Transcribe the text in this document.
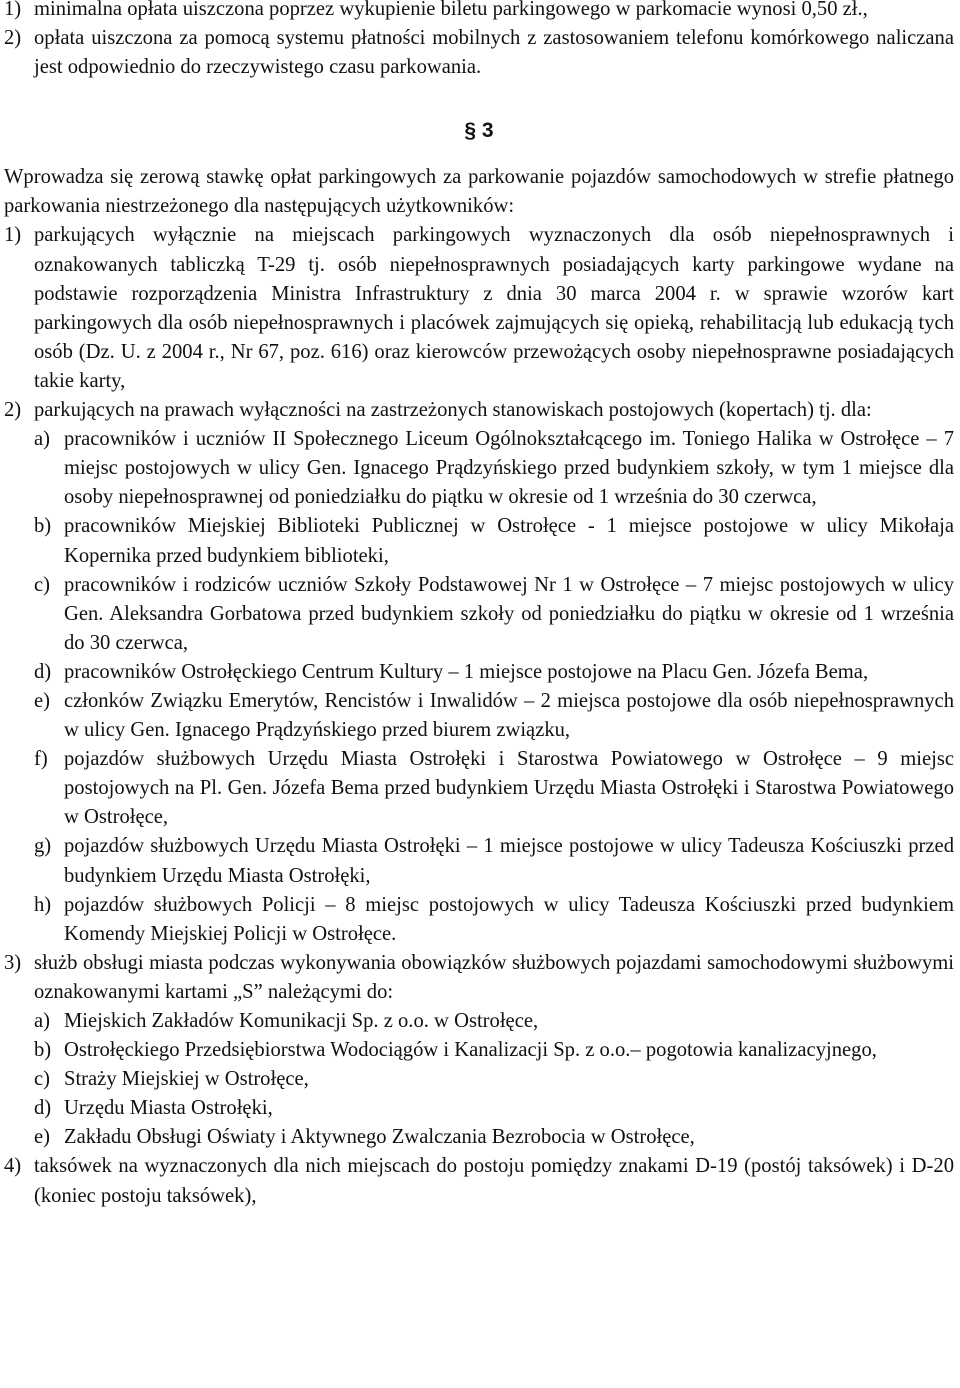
1) minimalna opłata uiszczona poprzez wykupienie biletu parkingowego w parkomacie wynosi 0,50 zł.,
2) opłata uiszczona za pomocą systemu płatności mobilnych z zastosowaniem telefonu komórkowego naliczana jest odpowiednio do rzeczywistego czasu parkowania.
§ 3
Wprowadza się zerową stawkę opłat parkingowych za parkowanie pojazdów samochodowych w strefie płatnego parkowania niestrzeżonego dla następujących użytkowników:
1) parkujących wyłącznie na miejscach parkingowych wyznaczonych dla osób niepełnosprawnych i oznakowanych tabliczką T-29 tj. osób niepełnosprawnych posiadających karty parkingowe wydane na podstawie rozporządzenia Ministra Infrastruktury z dnia 30 marca 2004 r. w sprawie wzorów kart parkingowych dla osób niepełnosprawnych i placówek zajmujących się opieką, rehabilitacją lub edukacją tych osób (Dz. U. z 2004 r., Nr 67, poz. 616) oraz kierowców przewożących osoby niepełnosprawne posiadających takie karty,
2) parkujących na prawach wyłączności na zastrzeżonych stanowiskach postojowych (kopertach) tj. dla:
a) pracowników i uczniów II Społecznego Liceum Ogólnokształcącego im. Toniego Halika w Ostrołęce – 7 miejsc postojowych w ulicy Gen. Ignacego Prądzyńskiego przed budynkiem szkoły, w tym 1 miejsce dla osoby niepełnosprawnej od poniedziałku do piątku w okresie od 1 września do 30 czerwca,
b) pracowników Miejskiej Biblioteki Publicznej w Ostrołęce - 1 miejsce postojowe w ulicy Mikołaja Kopernika przed budynkiem biblioteki,
c) pracowników i rodziców uczniów Szkoły Podstawowej Nr 1 w Ostrołęce – 7 miejsc postojowych w ulicy Gen. Aleksandra Gorbatowa przed budynkiem szkoły od poniedziałku do piątku w okresie od 1 września do 30 czerwca,
d) pracowników Ostrołęckiego Centrum Kultury – 1 miejsce postojowe na Placu Gen. Józefa Bema,
e) członków Związku Emerytów, Rencistów i Inwalidów – 2 miejsca postojowe dla osób niepełnosprawnych w ulicy Gen. Ignacego Prądzyńskiego przed biurem związku,
f) pojazdów służbowych Urzędu Miasta Ostrołęki i Starostwa Powiatowego w Ostrołęce – 9 miejsc postojowych na Pl. Gen. Józefa Bema przed budynkiem Urzędu Miasta Ostrołęki i Starostwa Powiatowego w Ostrołęce,
g) pojazdów służbowych Urzędu Miasta Ostrołęki – 1 miejsce postojowe w ulicy Tadeusza Kościuszki przed budynkiem Urzędu Miasta Ostrołęki,
h) pojazdów służbowych Policji – 8 miejsc postojowych w ulicy Tadeusza Kościuszki przed budynkiem Komendy Miejskiej Policji w Ostrołęce.
3) służb obsługi miasta podczas wykonywania obowiązków służbowych pojazdami samochodowymi służbowymi oznakowanymi kartami „S” należącymi do:
a) Miejskich Zakładów Komunikacji Sp. z o.o. w Ostrołęce,
b) Ostrołęckiego Przedsiębiorstwa Wodociągów i Kanalizacji Sp. z o.o.– pogotowia kanalizacyjnego,
c) Straży Miejskiej w Ostrołęce,
d) Urzędu Miasta Ostrołęki,
e) Zakładu Obsługi Oświaty i Aktywnego Zwalczania Bezrobocia w Ostrołęce,
4) taksówek na wyznaczonych dla nich miejscach do postoju pomiędzy znakami D-19 (postój taksówek) i D-20 (koniec postoju taksówek),
